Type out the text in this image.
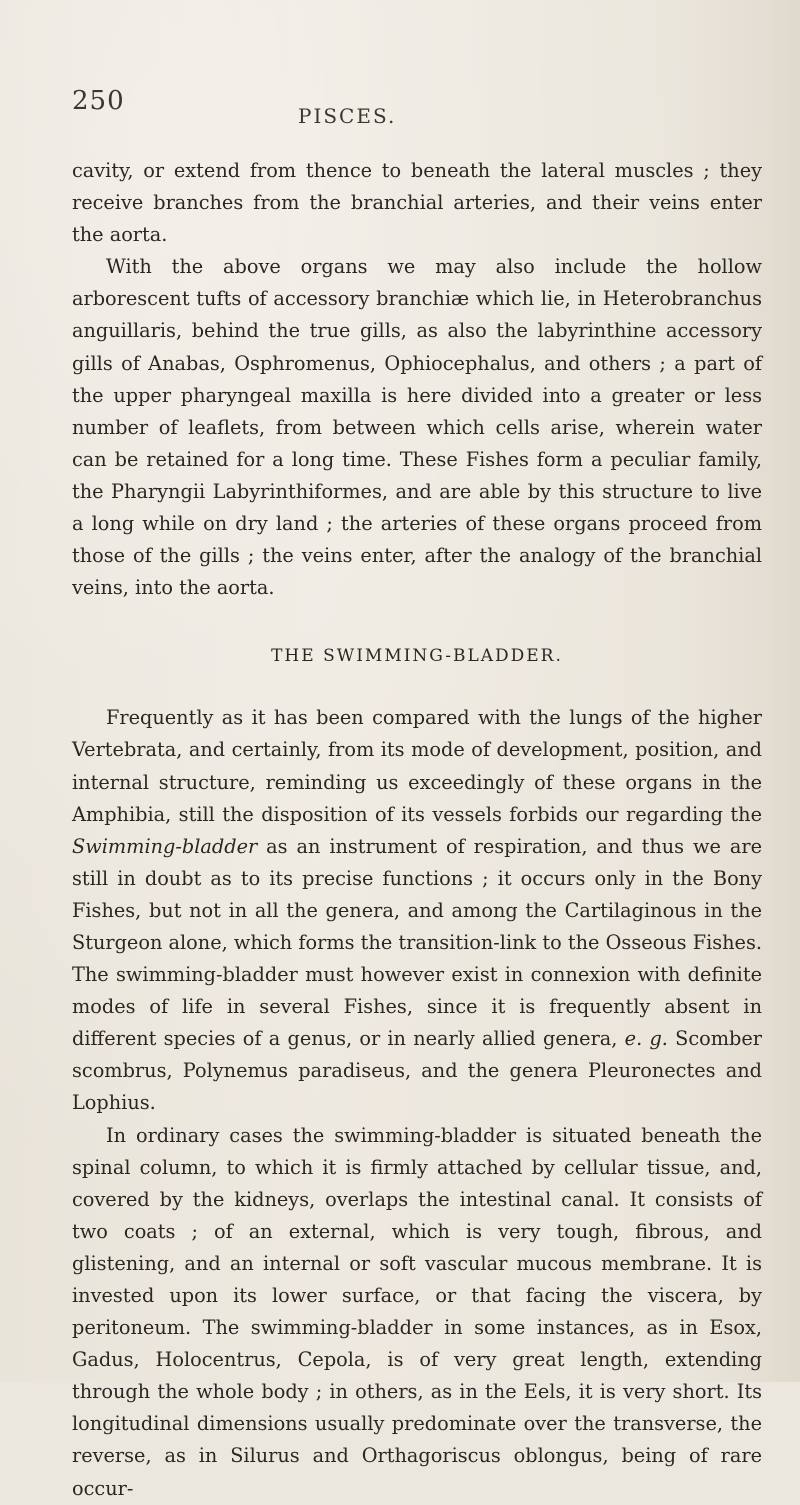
250	PISCES.

cavity, or extend from thence to beneath the lateral muscles ; they receive branches from the branchial arteries, and their veins enter the aorta.

With the above organs we may also include the hollow arborescent tufts of accessory branchiæ which lie, in Heterobranchus anguillaris, behind the true gills, as also the labyrinthine accessory gills of Anabas, Osphromenus, Ophiocephalus, and others ; a part of the upper pharyngeal maxilla is here divided into a greater or less number of leaflets, from between which cells arise, wherein water can be retained for a long time. These Fishes form a peculiar family, the Pharyngii Labyrinthiformes, and are able by this structure to live a long while on dry land ; the arteries of these organs proceed from those of the gills ; the veins enter, after the analogy of the branchial veins, into the aorta.

THE SWIMMING-BLADDER.

Frequently as it has been compared with the lungs of the higher Vertebrata, and certainly, from its mode of development, position, and internal structure, reminding us exceedingly of these organs in the Amphibia, still the disposition of its vessels forbids our regarding the Swimming-bladder as an instrument of respiration, and thus we are still in doubt as to its precise functions ; it occurs only in the Bony Fishes, but not in all the genera, and among the Cartilaginous in the Sturgeon alone, which forms the transition-link to the Osseous Fishes. The swimming-bladder must however exist in connexion with definite modes of life in several Fishes, since it is frequently absent in different species of a genus, or in nearly allied genera, e. g. Scomber scombrus, Polynemus paradiseus, and the genera Pleuronectes and Lophius.

In ordinary cases the swimming-bladder is situated beneath the spinal column, to which it is firmly attached by cellular tissue, and, covered by the kidneys, overlaps the intestinal canal. It consists of two coats ; of an external, which is very tough, fibrous, and glistening, and an internal or soft vascular mucous membrane. It is invested upon its lower surface, or that facing the viscera, by peritoneum. The swimming-bladder in some instances, as in Esox, Gadus, Holocentrus, Cepola, is of very great length, extending through the whole body ; in others, as in the Eels, it is very short. Its longitudinal dimensions usually predominate over the transverse, the reverse, as in Silurus and Orthagoriscus oblongus, being of rare occur-
